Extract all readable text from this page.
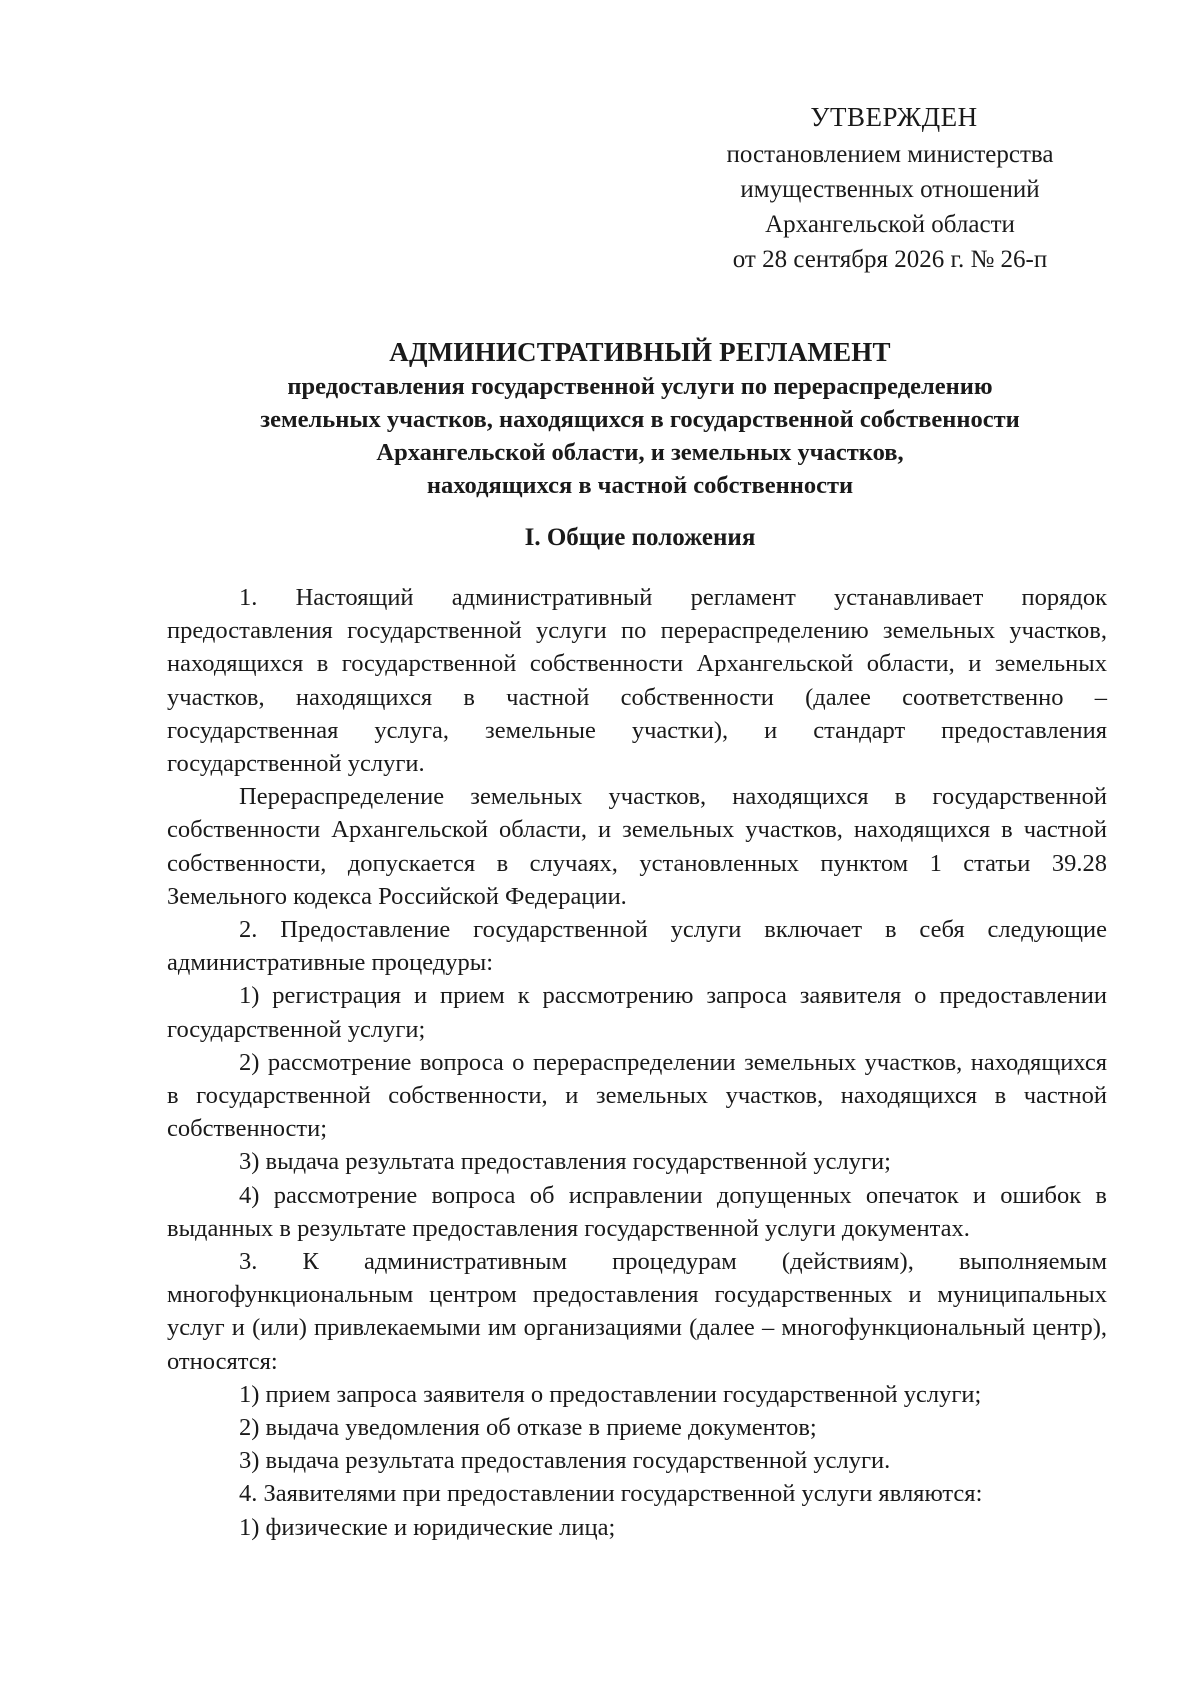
УТВЕРЖДЕН
постановлением министерства
имущественных отношений
Архангельской области
от 28 сентября 2026 г. № 26-п
АДМИНИСТРАТИВНЫЙ РЕГЛАМЕНТ
предоставления государственной услуги по перераспределению
земельных участков, находящихся в государственной собственности
Архангельской области, и земельных участков,
находящихся в частной собственности
I. Общие положения

1. Настоящий административный регламент устанавливает порядок предоставления государственной услуги по перераспределению земельных участков, находящихся в государственной собственности Архангельской области, и земельных участков, находящихся в частной собственности (далее соответственно – государственная услуга, земельные участки), и стандарт предоставления государственной услуги.

Перераспределение земельных участков, находящихся в государственной собственности Архангельской области, и земельных участков, находящихся в частной собственности, допускается в случаях, установленных пунктом 1 статьи 39.28 Земельного кодекса Российской Федерации.

2. Предоставление государственной услуги включает в себя следующие административные процедуры:

1) регистрация и прием к рассмотрению запроса заявителя о предоставлении государственной услуги;

2) рассмотрение вопроса о перераспределении земельных участков, находящихся в государственной собственности, и земельных участков, находящихся в частной собственности;

3) выдача результата предоставления государственной услуги;

4) рассмотрение вопроса об исправлении допущенных опечаток и ошибок в выданных в результате предоставления государственной услуги документах.

3. К административным процедурам (действиям), выполняемым многофункциональным центром предоставления государственных и муниципальных услуг и (или) привлекаемыми им организациями (далее – многофункциональный центр), относятся:

1) прием запроса заявителя о предоставлении государственной услуги;

2) выдача уведомления об отказе в приеме документов;

3) выдача результата предоставления государственной услуги.

4. Заявителями при предоставлении государственной услуги являются:

1) физические и юридические лица;
